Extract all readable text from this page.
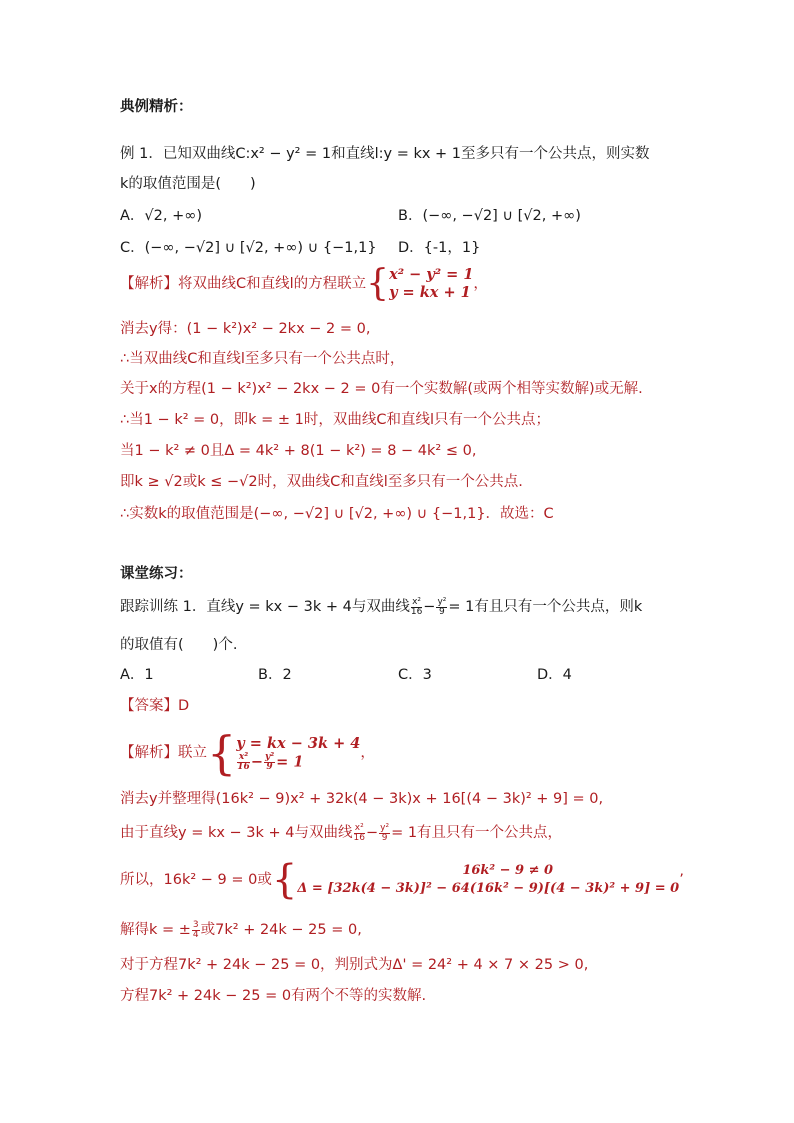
典例精析：
例 1．已知双曲线C:x² − y² = 1和直线l:y = kx + 1至多只有一个公共点，则实数
k的取值范围是(　　)
A．√2, +∞)	B．(−∞, −√2] ∪ [√2, +∞)
C．(−∞, −√2] ∪ [√2, +∞) ∪ {−1,1} D．{-1，1}
【解析】将双曲线C和直线l的方程联立 { x² − y² = 1
y = kx + 1 ，
消去y得：(1 − k²)x² − 2kx − 2 = 0,
∴当双曲线C和直线l至多只有一个公共点时，
关于x的方程(1 − k²)x² − 2kx − 2 = 0有一个实数解(或两个相等实数解)或无解.
∴当1 − k² = 0，即k = ± 1时，双曲线C和直线l只有一个公共点；
当1 − k² ≠ 0且Δ = 4k² + 8(1 − k²) = 8 − 4k² ≤ 0,
即k ≥ √2或k ≤ −√2时，双曲线C和直线l至多只有一个公共点.
∴实数k的取值范围是(−∞, −√2] ∪ [√2, +∞) ∪ {−1,1}．故选：C
课堂练习：
跟踪训练 1．直线y = kx − 3k + 4与双曲线 $\frac{\text{x²}}{16} - \frac{\text{y²}}{9} = 1$有且只有一个公共点，则k
的取值有(　　)个.
A．1	B．2	C．3	D．4
【答案】D
【解析】联立 { y = kx − 3k + 4
$\frac{\text{x²}}{16} - \frac{\text{y²}}{9} = 1$	，
消去y并整理得(16k² − 9)x² + 32k(4 − 3k)x + 16[(4 − 3k)² + 9] = 0,
由于直线y = kx − 3k + 4与双曲线 $\frac{\text{x²}}{16} - \frac{\text{y²}}{9} = 1$有且只有一个公共点，
所以，16k² − 9 = 0或 {	16k² − 9 ≠ 0
Δ = [32k(4 − 3k)]² − 64(16k² − 9)[(4 − 3k)² + 9] = 0
’
解得k = ± $\frac{3}{4}$ 或7k² + 24k − 25 = 0,
对于方程7k² + 24k − 25 = 0，判别式为Δ' = 24² + 4 × 7 × 25 > 0,
方程7k² + 24k − 25 = 0有两个不等的实数解.
